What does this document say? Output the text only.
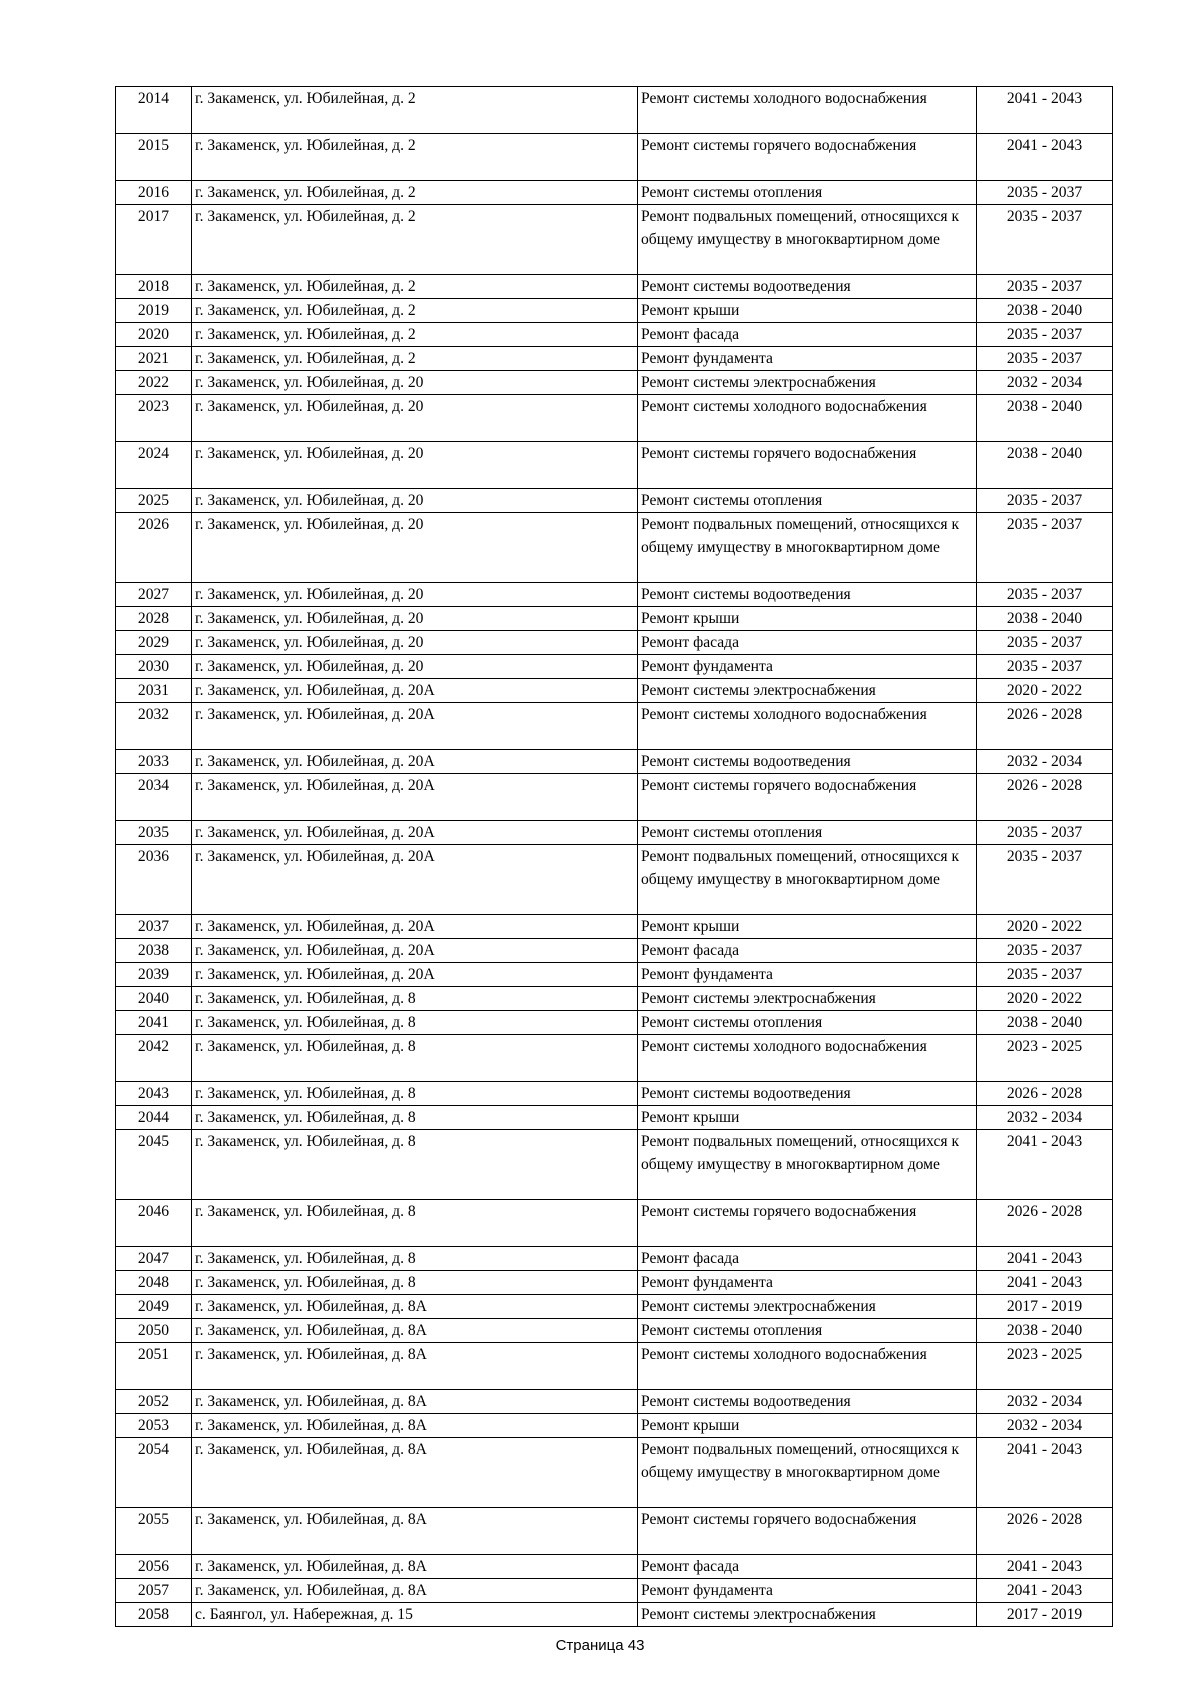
2014	г. Закаменск, ул. Юбилейная, д. 2	Ремонт системы холодного водоснабжения	2041 - 2043
2015	г. Закаменск, ул. Юбилейная, д. 2	Ремонт системы горячего водоснабжения	2041 - 2043
2016	г. Закаменск, ул. Юбилейная, д. 2	Ремонт системы отопления	2035 - 2037
2017	г. Закаменск, ул. Юбилейная, д. 2	Ремонт подвальных помещений, относящихся к общему имуществу в многоквартирном доме	2035 - 2037
2018	г. Закаменск, ул. Юбилейная, д. 2	Ремонт системы водоотведения	2035 - 2037
2019	г. Закаменск, ул. Юбилейная, д. 2	Ремонт крыши	2038 - 2040
2020	г. Закаменск, ул. Юбилейная, д. 2	Ремонт фасада	2035 - 2037
2021	г. Закаменск, ул. Юбилейная, д. 2	Ремонт фундамента	2035 - 2037
2022	г. Закаменск, ул. Юбилейная, д. 20	Ремонт системы электроснабжения	2032 - 2034
2023	г. Закаменск, ул. Юбилейная, д. 20	Ремонт системы холодного водоснабжения	2038 - 2040
2024	г. Закаменск, ул. Юбилейная, д. 20	Ремонт системы горячего водоснабжения	2038 - 2040
2025	г. Закаменск, ул. Юбилейная, д. 20	Ремонт системы отопления	2035 - 2037
2026	г. Закаменск, ул. Юбилейная, д. 20	Ремонт подвальных помещений, относящихся к общему имуществу в многоквартирном доме	2035 - 2037
2027	г. Закаменск, ул. Юбилейная, д. 20	Ремонт системы водоотведения	2035 - 2037
2028	г. Закаменск, ул. Юбилейная, д. 20	Ремонт крыши	2038 - 2040
2029	г. Закаменск, ул. Юбилейная, д. 20	Ремонт фасада	2035 - 2037
2030	г. Закаменск, ул. Юбилейная, д. 20	Ремонт фундамента	2035 - 2037
2031	г. Закаменск, ул. Юбилейная, д. 20А	Ремонт системы электроснабжения	2020 - 2022
2032	г. Закаменск, ул. Юбилейная, д. 20А	Ремонт системы холодного водоснабжения	2026 - 2028
2033	г. Закаменск, ул. Юбилейная, д. 20А	Ремонт системы водоотведения	2032 - 2034
2034	г. Закаменск, ул. Юбилейная, д. 20А	Ремонт системы горячего водоснабжения	2026 - 2028
2035	г. Закаменск, ул. Юбилейная, д. 20А	Ремонт системы отопления	2035 - 2037
2036	г. Закаменск, ул. Юбилейная, д. 20А	Ремонт подвальных помещений, относящихся к общему имуществу в многоквартирном доме	2035 - 2037
2037	г. Закаменск, ул. Юбилейная, д. 20А	Ремонт крыши	2020 - 2022
2038	г. Закаменск, ул. Юбилейная, д. 20А	Ремонт фасада	2035 - 2037
2039	г. Закаменск, ул. Юбилейная, д. 20А	Ремонт фундамента	2035 - 2037
2040	г. Закаменск, ул. Юбилейная, д. 8	Ремонт системы электроснабжения	2020 - 2022
2041	г. Закаменск, ул. Юбилейная, д. 8	Ремонт системы отопления	2038 - 2040
2042	г. Закаменск, ул. Юбилейная, д. 8	Ремонт системы холодного водоснабжения	2023 - 2025
2043	г. Закаменск, ул. Юбилейная, д. 8	Ремонт системы водоотведения	2026 - 2028
2044	г. Закаменск, ул. Юбилейная, д. 8	Ремонт крыши	2032 - 2034
2045	г. Закаменск, ул. Юбилейная, д. 8	Ремонт подвальных помещений, относящихся к общему имуществу в многоквартирном доме	2041 - 2043
2046	г. Закаменск, ул. Юбилейная, д. 8	Ремонт системы горячего водоснабжения	2026 - 2028
2047	г. Закаменск, ул. Юбилейная, д. 8	Ремонт фасада	2041 - 2043
2048	г. Закаменск, ул. Юбилейная, д. 8	Ремонт фундамента	2041 - 2043
2049	г. Закаменск, ул. Юбилейная, д. 8А	Ремонт системы электроснабжения	2017 - 2019
2050	г. Закаменск, ул. Юбилейная, д. 8А	Ремонт системы отопления	2038 - 2040
2051	г. Закаменск, ул. Юбилейная, д. 8А	Ремонт системы холодного водоснабжения	2023 - 2025
2052	г. Закаменск, ул. Юбилейная, д. 8А	Ремонт системы водоотведения	2032 - 2034
2053	г. Закаменск, ул. Юбилейная, д. 8А	Ремонт крыши	2032 - 2034
2054	г. Закаменск, ул. Юбилейная, д. 8А	Ремонт подвальных помещений, относящихся к общему имуществу в многоквартирном доме	2041 - 2043
2055	г. Закаменск, ул. Юбилейная, д. 8А	Ремонт системы горячего водоснабжения	2026 - 2028
2056	г. Закаменск, ул. Юбилейная, д. 8А	Ремонт фасада	2041 - 2043
2057	г. Закаменск, ул. Юбилейная, д. 8А	Ремонт фундамента	2041 - 2043
2058	с. Баянгол, ул. Набережная, д. 15	Ремонт системы электроснабжения	2017 - 2019
Страница 43
